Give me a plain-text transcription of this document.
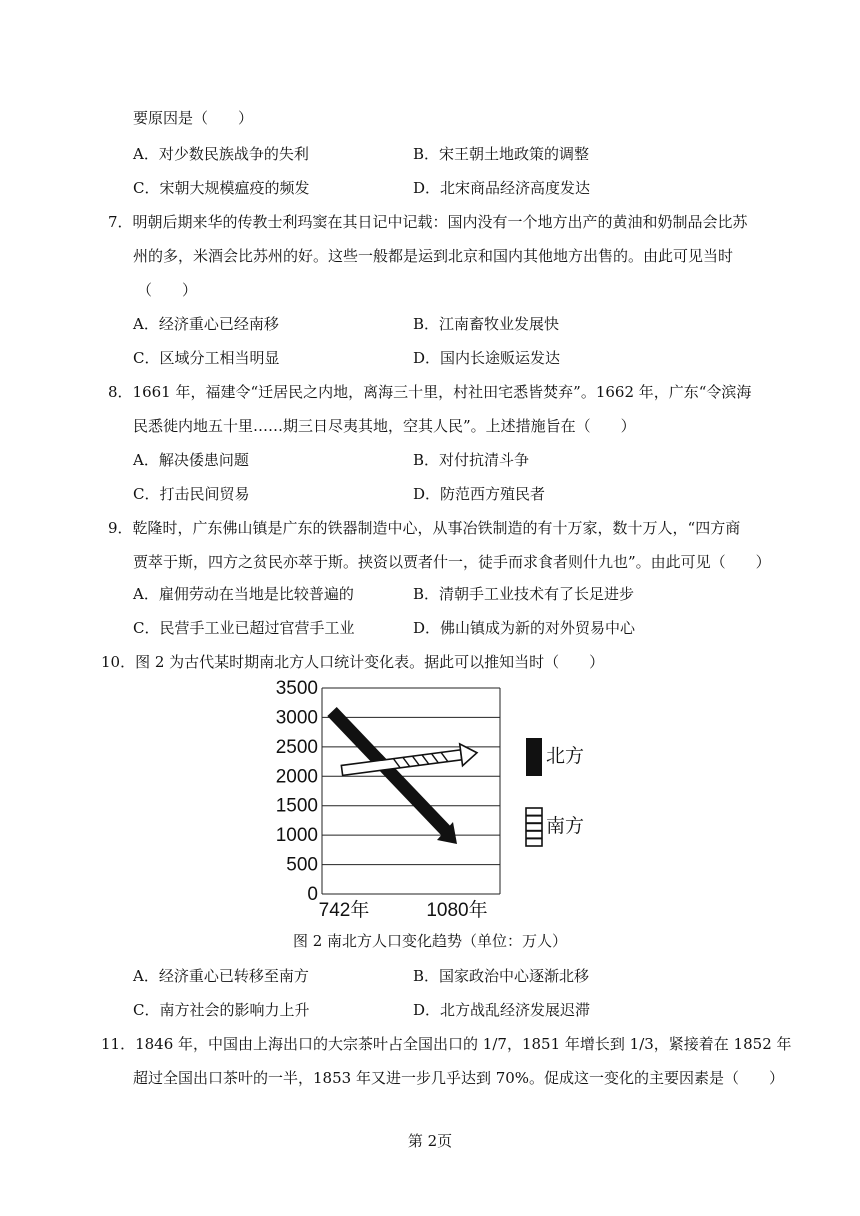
要原因是（　　）
A．对少数民族战争的失利	B．宋王朝土地政策的调整
C．宋朝大规模瘟疫的频发	D．北宋商品经济高度发达
7．明朝后期来华的传教士利玛窦在其日记中记载：国内没有一个地方出产的黄油和奶制品会比苏
州的多，米酒会比苏州的好。这些一般都是运到北京和国内其他地方出售的。由此可见当时
（　　）
A．经济重心已经南移	B．江南畜牧业发展快
C．区域分工相当明显	D．国内长途贩运发达
8．1661 年，福建令“迁居民之内地，离海三十里，村社田宅悉皆焚弃”。1662 年，广东“令滨海
民悉徙内地五十里……期三日尽夷其地，空其人民”。上述措施旨在（　　）
A．解决倭患问题	B．对付抗清斗争
C．打击民间贸易	D．防范西方殖民者
9．乾隆时，广东佛山镇是广东的铁器制造中心，从事冶铁制造的有十万家，数十万人，“四方商
贾萃于斯，四方之贫民亦萃于斯。挟资以贾者什一，徒手而求食者则什九也”。由此可见（　　）
A．雇佣劳动在当地是比较普遍的	B．清朝手工业技术有了长足进步
C．民营手工业已超过官营手工业	D．佛山镇成为新的对外贸易中心
10．图 2 为古代某时期南北方人口统计变化表。据此可以推知当时（　　）
3500
3000
2500
2000
1500
1000
500
0
742年	1080年
北方
南方
图 2 南北方人口变化趋势（单位：万人）
A．经济重心已转移至南方	B．国家政治中心逐渐北移
C．南方社会的影响力上升	D．北方战乱经济发展迟滞
11．1846 年，中国由上海出口的大宗茶叶占全国出口的 1/7，1851 年增长到 1/3，紧接着在 1852 年
超过全国出口茶叶的一半，1853 年又进一步几乎达到 70%。促成这一变化的主要因素是（　　）
第 2页
